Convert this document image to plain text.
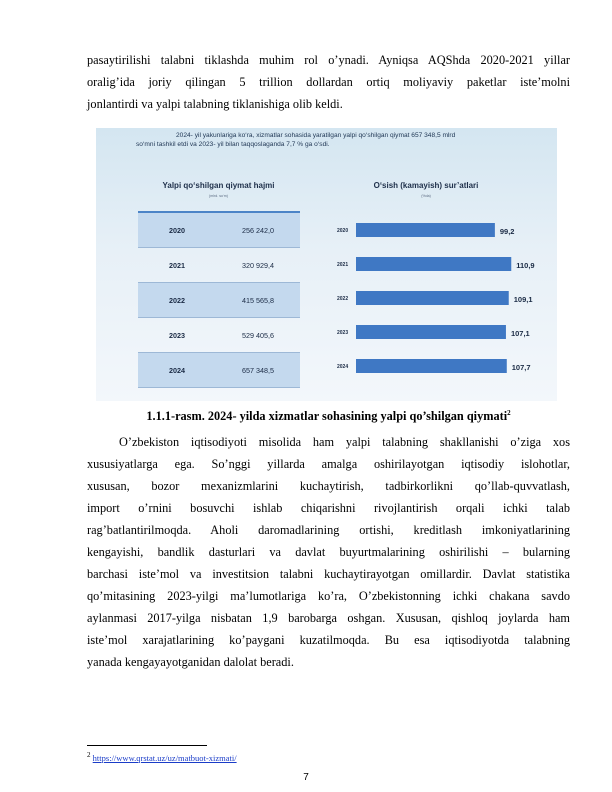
pasaytirilishi talabni tiklashda muhim rol o’ynadi. Ayniqsa AQShda 2020-2021 yillar
oralig’ida joriy qilingan 5 trillion dollardan ortiq moliyaviy paketlar iste’molni
jonlantirdi va yalpi talabning tiklanishiga olib keldi.
2024- yil yakunlariga ko‘ra, xizmatlar sohasida yaratilgan yalpi qo‘shilgan qiymat 657 348,5 mlrd
so‘mni tashkil etdi va 2023- yil bilan taqqoslaganda 7,7 % ga o‘sdi.
Yalpi qo‘shilgan qiymat hajmi
(mlrd. so‘m)
2020	256 242,0
2021	320 929,4
2022	415 565,8
2023	529 405,6
2024	657 348,5
O‘sish (kamayish) sur’atlari
(%da)
2020	99,2
2021	110,9
2022	109,1
2023	107,1
2024	107,7
1.1.1-rasm. 2024- yilda xizmatlar sohasining yalpi qo’shilgan qiymati$^2$
O’zbekiston iqtisodiyoti misolida ham yalpi talabning shakllanishi o’ziga xos
xususiyatlarga ega. So’nggi yillarda amalga oshirilayotgan iqtisodiy islohotlar,
xususan, bozor mexanizmlarini kuchaytirish, tadbirkorlikni qo’llab-quvvatlash,
import o’rnini bosuvchi ishlab chiqarishni rivojlantirish orqali ichki talab
rag’batlantirilmoqda. Aholi daromadlarining ortishi, kreditlash imkoniyatlarining
kengayishi, bandlik dasturlari va davlat buyurtmalarining oshirilishi – bularning
barchasi iste’mol va investitsion talabni kuchaytirayotgan omillardir. Davlat statistika
qo’mitasining 2023-yilgi ma’lumotlariga ko’ra, O’zbekistonning ichki chakana savdo
aylanmasi 2017-yilga nisbatan 1,9 barobarga oshgan. Xususan, qishloq joylarda ham
iste’mol xarajatlarining ko’paygani kuzatilmoqda. Bu esa iqtisodiyotda talabning
yanada kengayayotganidan dalolat beradi.
$^2$ https://www.qrstat.uz/uz/matbuot-xizmati/
7
